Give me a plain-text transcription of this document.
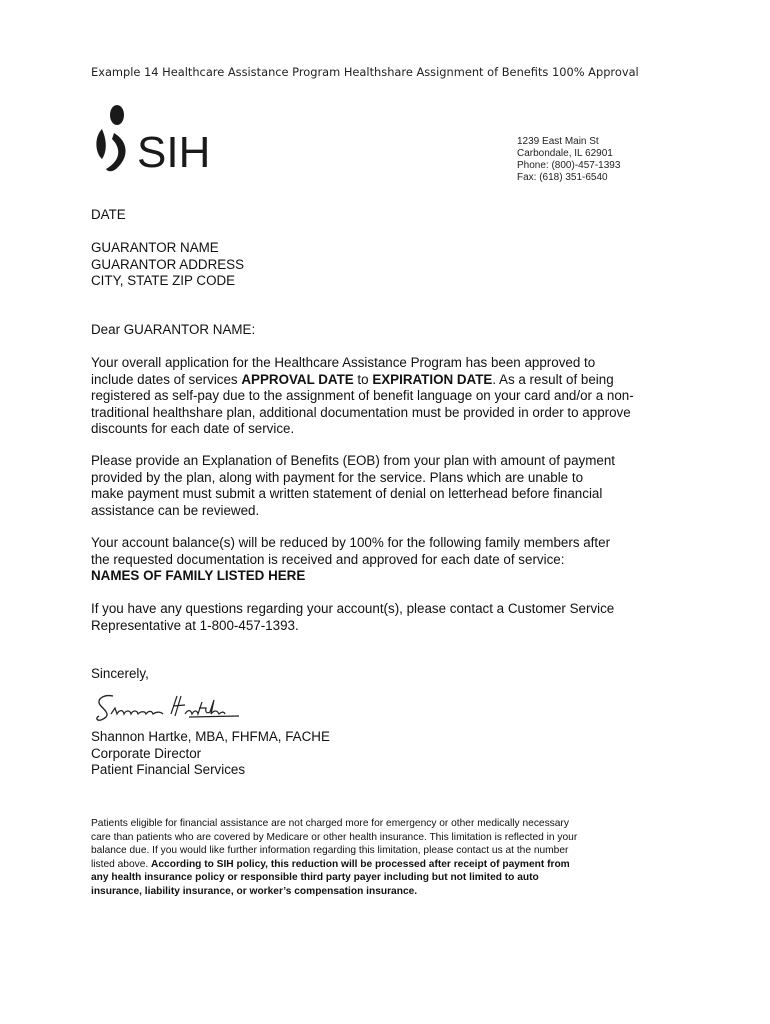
Example 14 Healthcare Assistance Program Healthshare Assignment of Benefits 100% Approval
SIH	1239 East Main St
Carbondale, IL 62901
Phone: (800)-457-1393
Fax: (618) 351-6540
DATE
GUARANTOR NAME
GUARANTOR ADDRESS
CITY, STATE ZIP CODE
Dear GUARANTOR NAME:
Your overall application for the Healthcare Assistance Program has been approved to
include dates of services APPROVAL DATE to EXPIRATION DATE. As a result of being
registered as self-pay due to the assignment of benefit language on your card and/or a non-
traditional healthshare plan, additional documentation must be provided in order to approve
discounts for each date of service.
Please provide an Explanation of Benefits (EOB) from your plan with amount of payment
provided by the plan, along with payment for the service. Plans which are unable to
make payment must submit a written statement of denial on letterhead before financial
assistance can be reviewed.
Your account balance(s) will be reduced by 100% for the following family members after
the requested documentation is received and approved for each date of service:
NAMES OF FAMILY LISTED HERE
If you have any questions regarding your account(s), please contact a Customer Service
Representative at 1-800-457-1393.
Sincerely,
Shannon Hartke, MBA, FHFMA, FACHE
Corporate Director
Patient Financial Services
Patients eligible for financial assistance are not charged more for emergency or other medically necessary
care than patients who are covered by Medicare or other health insurance. This limitation is reflected in your
balance due. If you would like further information regarding this limitation, please contact us at the number
listed above. According to SIH policy, this reduction will be processed after receipt of payment from
any health insurance policy or responsible third party payer including but not limited to auto
insurance, liability insurance, or worker’s compensation insurance.
